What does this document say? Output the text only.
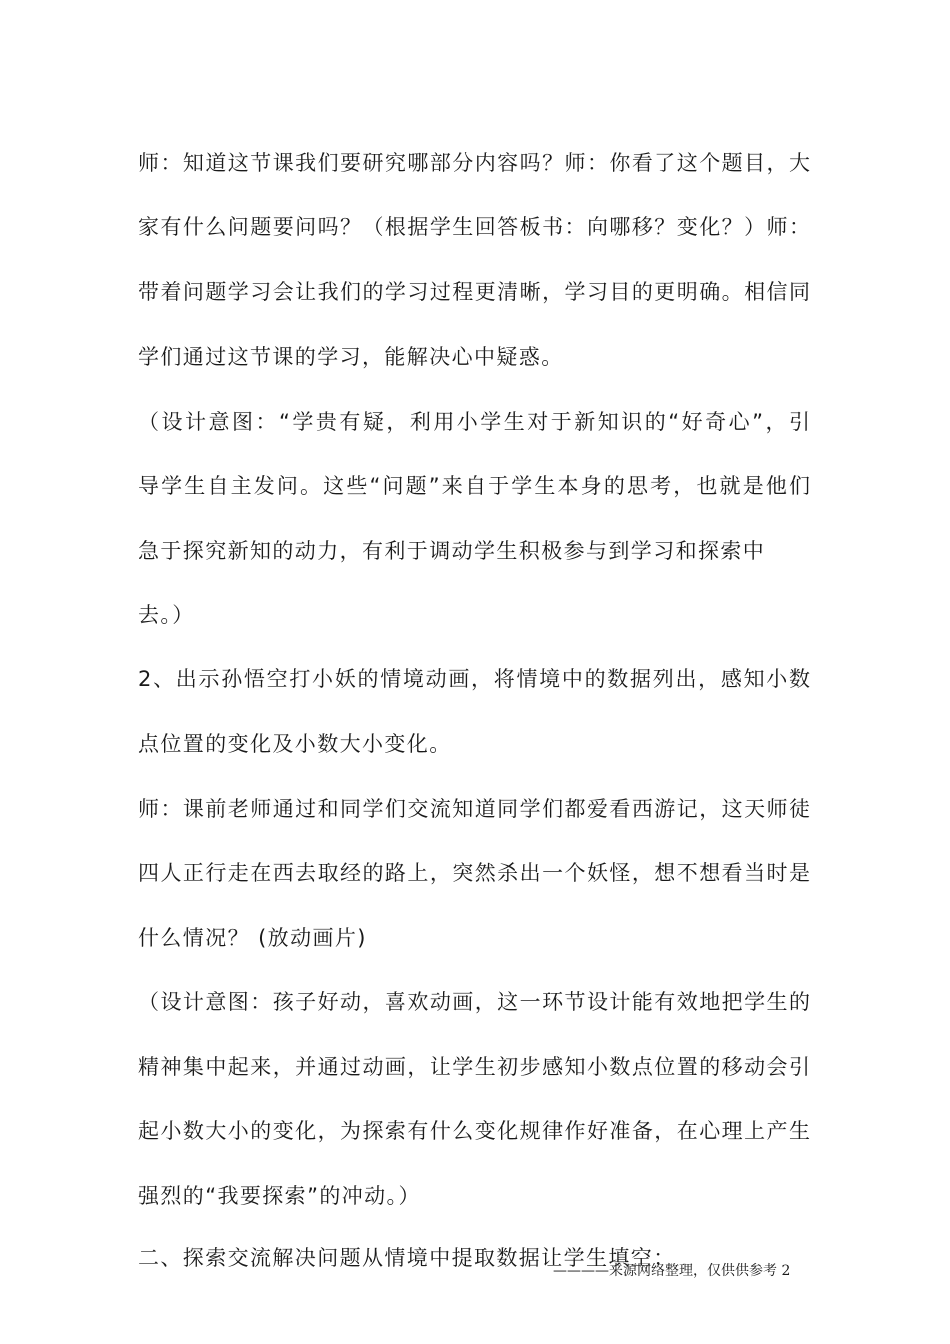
师：知道这节课我们要研究哪部分内容吗？师：你看了这个题目，大
家有什么问题要问吗？（根据学生回答板书：向哪移？变化？）师：
带着问题学习会让我们的学习过程更清晰，学习目的更明确。相信同
学们通过这节课的学习，能解决心中疑惑。
（设计意图：“学贵有疑，利用小学生对于新知识的“好奇心”，引
导学生自主发问。这些“问题”来自于学生本身的思考，也就是他们
急于探究新知的动力，有利于调动学生积极参与到学习和探索中
去。）
2、出示孙悟空打小妖的情境动画，将情境中的数据列出，感知小数
点位置的变化及小数大小变化。
师：课前老师通过和同学们交流知道同学们都爱看西游记，这天师徒
四人正行走在西去取经的路上，突然杀出一个妖怪，想不想看当时是
什么情况？ (放动画片)
（设计意图：孩子好动，喜欢动画，这一环节设计能有效地把学生的
精神集中起来，并通过动画，让学生初步感知小数点位置的移动会引
起小数大小的变化，为探索有什么变化规律作好准备，在心理上产生
强烈的“我要探索”的冲动。）
二、探索交流解决问题从情境中提取数据让学生填空：
————来源网络整理，仅供供参考 2
